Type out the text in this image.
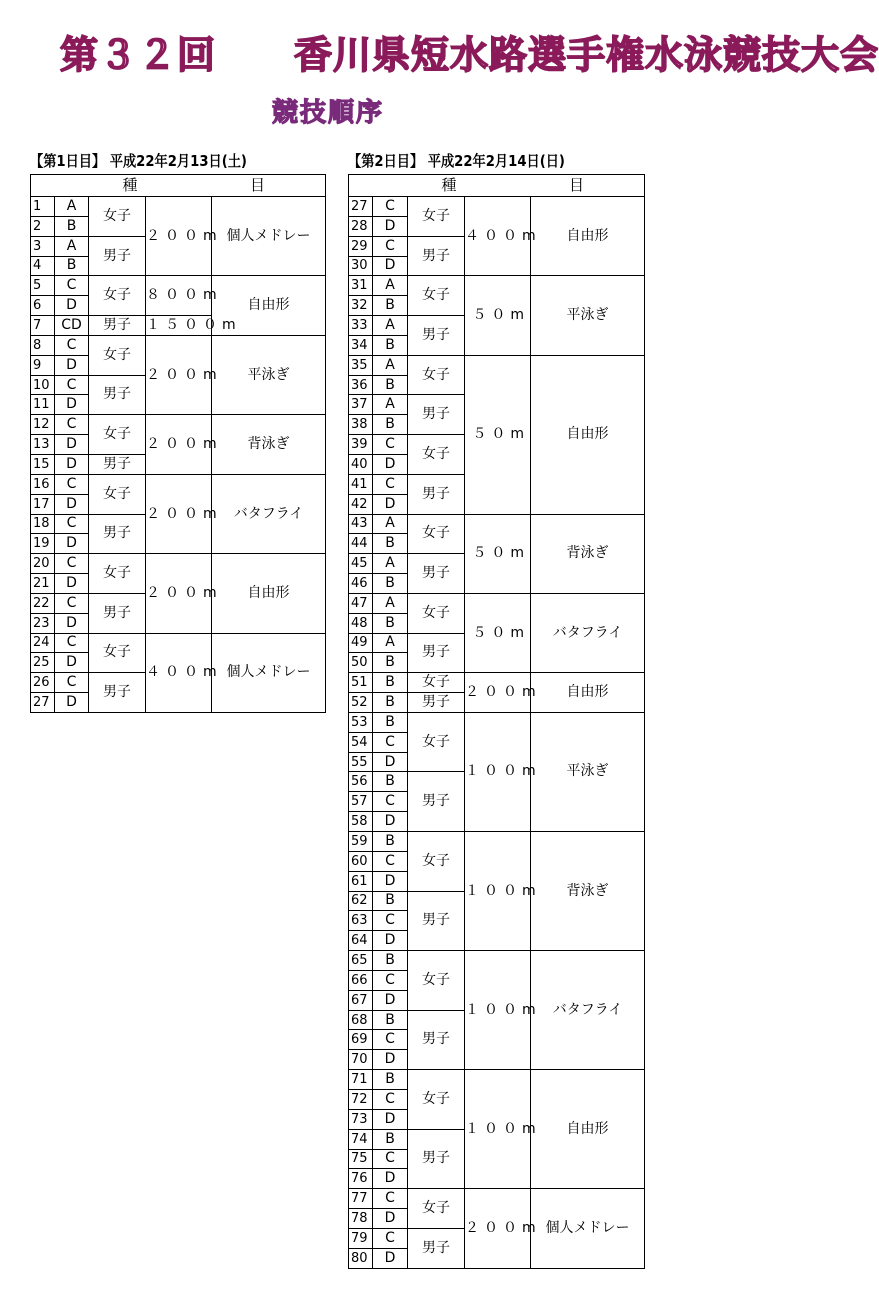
第３２回　　香川県短水路選手権水泳競技大会
競技順序
【第1日目】 平成22年2月13日(土)	【第2日目】 平成22年2月14日(日)
種			目	
1	A	女子	２００m	個人メドレー
2	B			
3	A	男子		
4	B			
5	C	女子	８００m	自由形
6	D			
7	CD	男子	１５００m	
8	C	女子	２００m	平泳ぎ
9	D			
10	C	男子		
11	D			
12	C	女子	２００m	背泳ぎ
13	D			
15	D	男子		
16	C	女子	２００m	バタフライ
17	D			
18	C	男子		
19	D			
20	C	女子	２００m	自由形
21	D			
22	C	男子		
23	D			
24	C	女子	４００m	個人メドレー
25	D			
26	C	男子		
27	D			
種			目	
27	C	女子	４００m	自由形
28	D			
29	C	男子		
30	D			
31	A	女子	５０m	平泳ぎ
32	B			
33	A	男子		
34	B			
35	A	女子	５０m	自由形
36	B			
37	A	男子		
38	B			
39	C	女子		
40	D			
41	C	男子		
42	D			
43	A	女子	５０m	背泳ぎ
44	B			
45	A	男子		
46	B			
47	A	女子	５０m	バタフライ
48	B			
49	A	男子		
50	B			
51	B	女子	２００m	自由形
52	B	男子		
53	B	女子	１００m	平泳ぎ
54	C			
55	D			
56	B	男子		
57	C			
58	D			
59	B	女子	１００m	背泳ぎ
60	C			
61	D			
62	B	男子		
63	C			
64	D			
65	B	女子	１００m	バタフライ
66	C			
67	D			
68	B	男子		
69	C			
70	D			
71	B	女子	１００m	自由形
72	C			
73	D			
74	B	男子		
75	C			
76	D			
77	C	女子	２００m	個人メドレー
78	D			
79	C	男子		
80	D			
